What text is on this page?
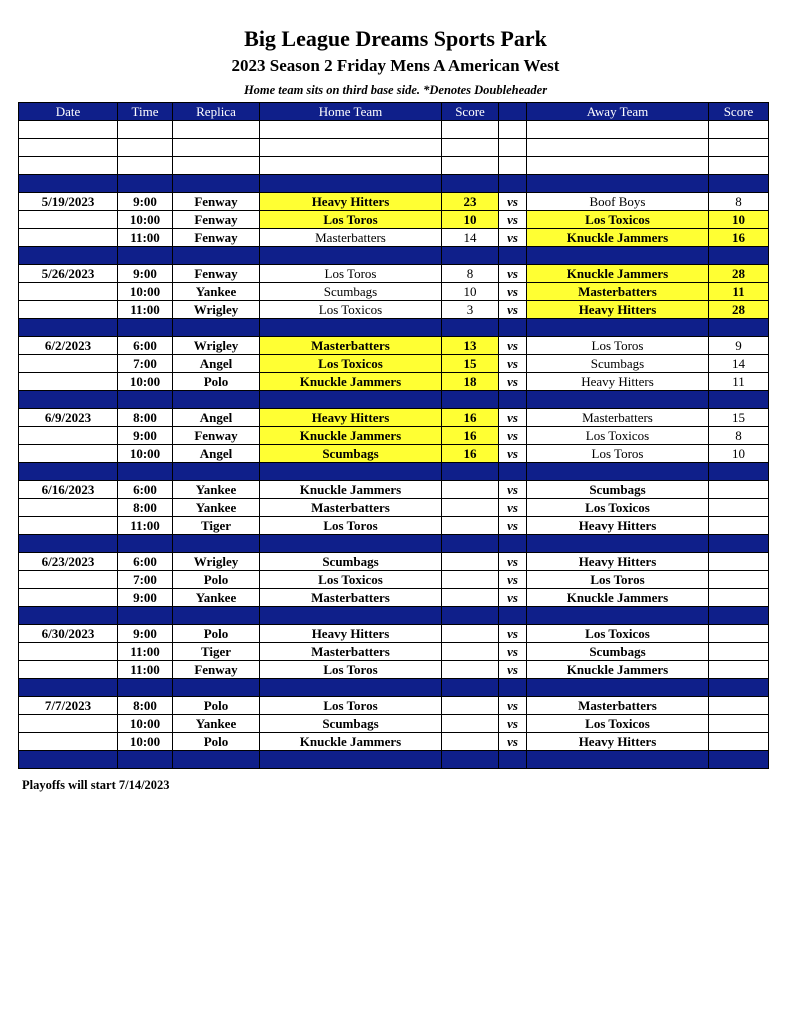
Big League Dreams Sports Park
2023 Season 2 Friday Mens A American West
Home team sits on third base side. *Denotes Doubleheader
Date	Time	Replica	Home Team	Score		Away Team	Score

5/19/2023	9:00	Fenway	Heavy Hitters	23	vs	Boof Boys	8
	10:00	Fenway	Los Toros	10	vs	Los Toxicos	10
	11:00	Fenway	Masterbatters	14	vs	Knuckle Jammers	16

5/26/2023	9:00	Fenway	Los Toros	8	vs	Knuckle Jammers	28
	10:00	Yankee	Scumbags	10	vs	Masterbatters	11
	11:00	Wrigley	Los Toxicos	3	vs	Heavy Hitters	28

6/2/2023	6:00	Wrigley	Masterbatters	13	vs	Los Toros	9
	7:00	Angel	Los Toxicos	15	vs	Scumbags	14
	10:00	Polo	Knuckle Jammers	18	vs	Heavy Hitters	11

6/9/2023	8:00	Angel	Heavy Hitters	16	vs	Masterbatters	15
	9:00	Fenway	Knuckle Jammers	16	vs	Los Toxicos	8
	10:00	Angel	Scumbags	16	vs	Los Toros	10

6/16/2023	6:00	Yankee	Knuckle Jammers		vs	Scumbags	
	8:00	Yankee	Masterbatters		vs	Los Toxicos	
	11:00	Tiger	Los Toros		vs	Heavy Hitters	

6/23/2023	6:00	Wrigley	Scumbags		vs	Heavy Hitters	
	7:00	Polo	Los Toxicos		vs	Los Toros	
	9:00	Yankee	Masterbatters		vs	Knuckle Jammers	

6/30/2023	9:00	Polo	Heavy Hitters		vs	Los Toxicos	
	11:00	Tiger	Masterbatters		vs	Scumbags	
	11:00	Fenway	Los Toros		vs	Knuckle Jammers	

7/7/2023	8:00	Polo	Los Toros		vs	Masterbatters	
	10:00	Yankee	Scumbags		vs	Los Toxicos	
	10:00	Polo	Knuckle Jammers		vs	Heavy Hitters	

Playoffs will start 7/14/2023
